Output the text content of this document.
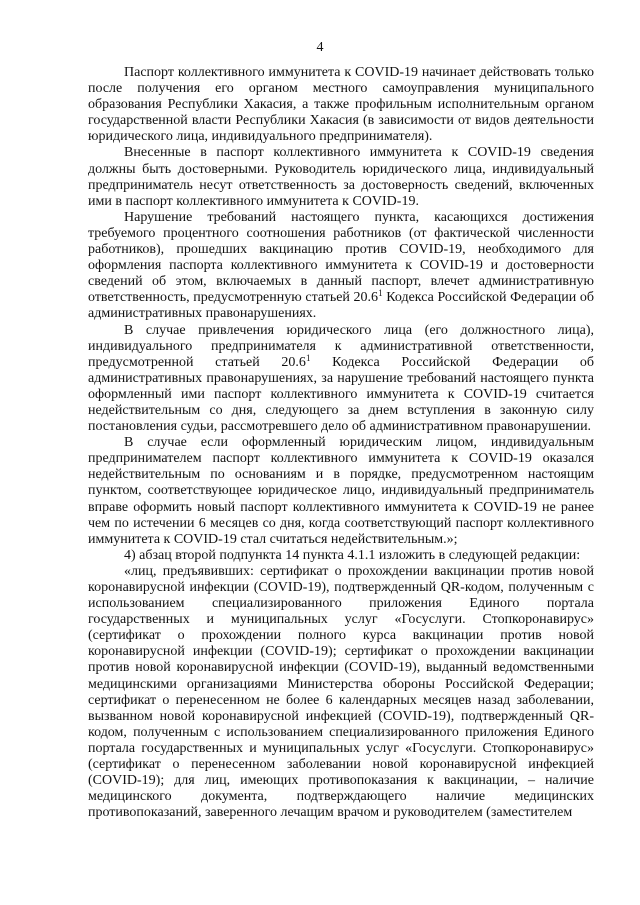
4

Паспорт коллективного иммунитета к COVID-19 начинает действовать только после получения его органом местного самоуправления муниципального образования Республики Хакасия, а также профильным исполнительным органом государственной власти Республики Хакасия (в зависимости от видов деятельности юридического лица, индивидуального предпринимателя).

Внесенные в паспорт коллективного иммунитета к COVID-19 сведения должны быть достоверными. Руководитель юридического лица, индивидуальный предприниматель несут ответственность за достоверность сведений, включенных ими в паспорт коллективного иммунитета к COVID-19.

Нарушение требований настоящего пункта, касающихся достижения требуемого процентного соотношения работников (от фактической численности работников), прошедших вакцинацию против COVID-19, необходимого для оформления паспорта коллективного иммунитета к COVID-19 и достоверности сведений об этом, включаемых в данный паспорт, влечет административную ответственность, предусмотренную статьей 20.6$^1$ Кодекса Российской Федерации об административных правонарушениях.

В случае привлечения юридического лица (его должностного лица), индивидуального предпринимателя к административной ответственности, предусмотренной статьей 20.6$^1$ Кодекса Российской Федерации об административных правонарушениях, за нарушение требований настоящего пункта оформленный ими паспорт коллективного иммунитета к COVID-19 считается недействительным со дня, следующего за днем вступления в законную силу постановления судьи, рассмотревшего дело об административном правонарушении.

В случае если оформленный юридическим лицом, индивидуальным предпринимателем паспорт коллективного иммунитета к COVID-19 оказался недействительным по основаниям и в порядке, предусмотренном настоящим пунктом, соответствующее юридическое лицо, индивидуальный предприниматель вправе оформить новый паспорт коллективного иммунитета к COVID-19 не ранее чем по истечении 6 месяцев со дня, когда соответствующий паспорт коллективного иммунитета к COVID-19 стал считаться недействительным.»;

4) абзац второй подпункта 14 пункта 4.1.1 изложить в следующей редакции:

«лиц, предъявивших: сертификат о прохождении вакцинации против новой коронавирусной инфекции (COVID-19), подтвержденный QR-кодом, полученным с использованием специализированного приложения Единого портала государственных и муниципальных услуг «Госуслуги. Стопкоронавирус» (сертификат о прохождении полного курса вакцинации против новой коронавирусной инфекции (COVID-19); сертификат о прохождении вакцинации против новой коронавирусной инфекции (COVID-19), выданный ведомственными медицинскими организациями Министерства обороны Российской Федерации; сертификат о перенесенном не более 6 календарных месяцев назад заболевании, вызванном новой коронавирусной инфекцией (COVID-19), подтвержденный QR-кодом, полученным с использованием специализированного приложения Единого портала государственных и муниципальных услуг «Госуслуги. Стопкоронавирус» (сертификат о перенесенном заболевании новой коронавирусной инфекцией (COVID-19); для лиц, имеющих противопоказания к вакцинации, – наличие медицинского документа, подтверждающего наличие медицинских противопоказаний, заверенного лечащим врачом и руководителем (заместителем
